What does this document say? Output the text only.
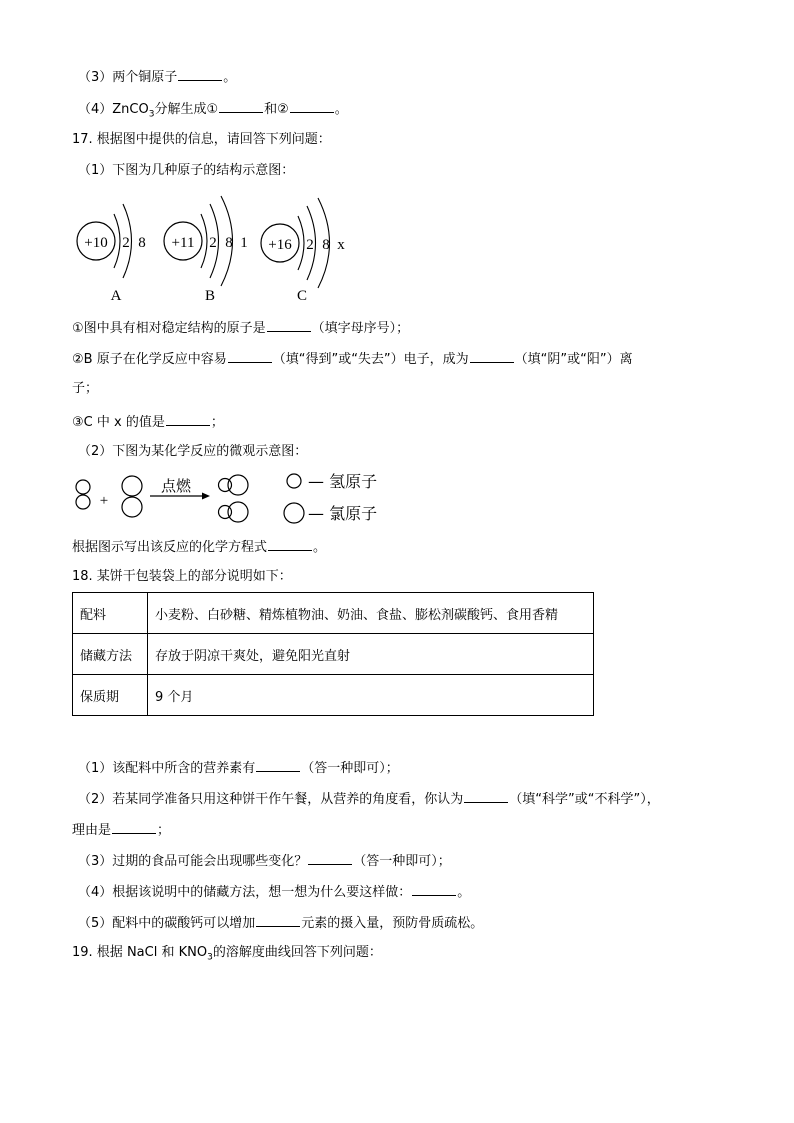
（3）两个铜原子	。
（4）ZnCO$_3$分解生成①	和②	。
17. 根据图中提供的信息，请回答下列问题：
（1）下图为几种原子的结构示意图：
+10 2 8
A
+11 2 8 1
B
+16 2 8 x
C
①图中具有相对稳定结构的原子是	（填字母序号）；
②B 原子在化学反应中容易	（填“得到”或“失去”）电子，成为	（填“阴”或“阳”）离
子；
③C 中 x 的值是	；
（2）下图为某化学反应的微观示意图：
+
点燃	— 氢原子
— 氯原子
根据图示写出该反应的化学方程式	。
18. 某饼干包装袋上的部分说明如下：
配料	小麦粉、白砂糖、精炼植物油、奶油、食盐、膨松剂碳酸钙、食用香精
储藏方法	存放于阴凉干爽处，避免阳光直射
保质期	9 个月
（1）该配料中所含的营养素有	（答一种即可）；
（2）若某同学准备只用这种饼干作午餐，从营养的角度看，你认为	（填“科学”或“不科学”），
理由是	；
（3）过期的食品可能会出现哪些变化？	（答一种即可）；
（4）根据该说明中的储藏方法，想一想为什么要这样做：	。
（5）配料中的碳酸钙可以增加	元素的摄入量，预防骨质疏松。
19. 根据 NaCl 和 $KNO_3$的溶解度曲线回答下列问题：
